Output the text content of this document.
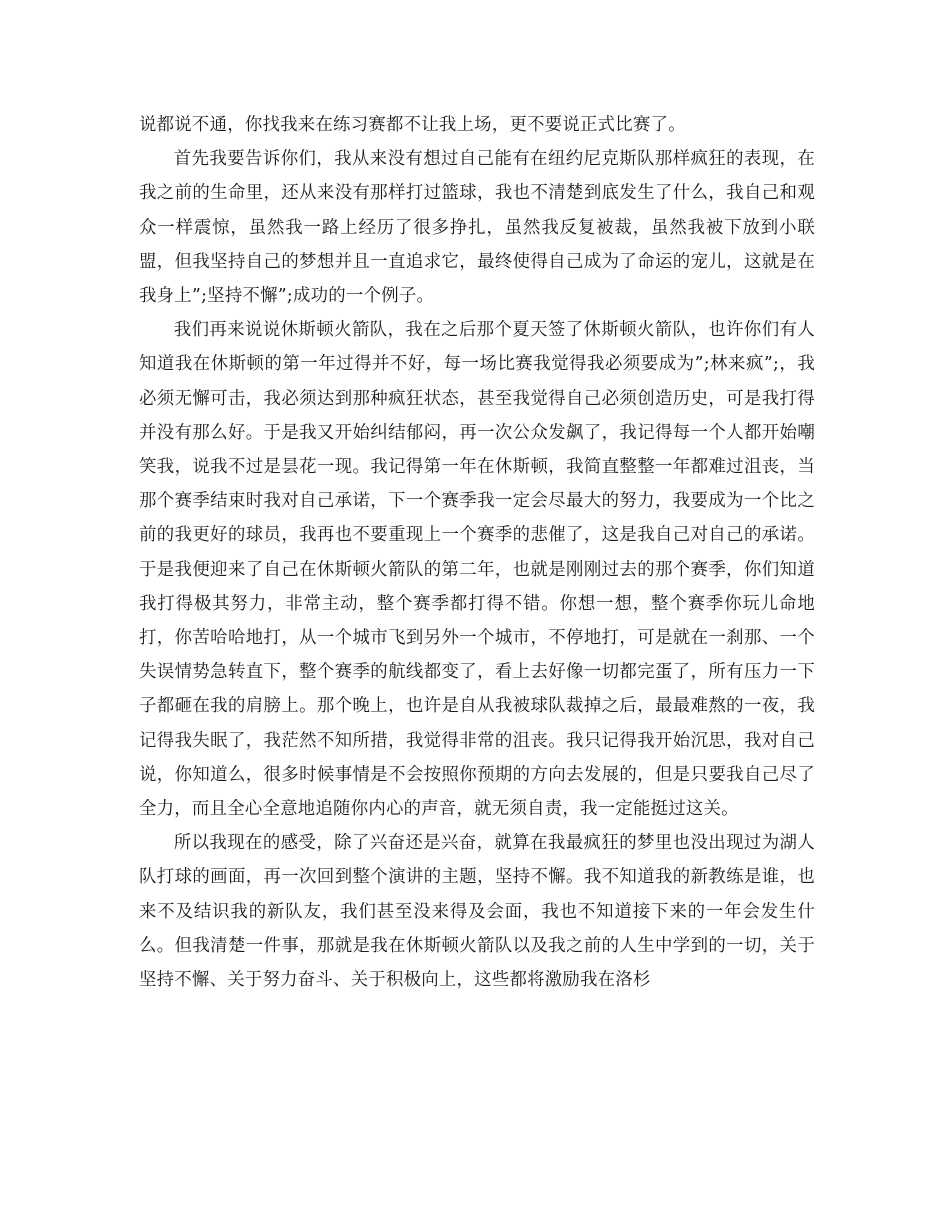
说都说不通，你找我来在练习赛都不让我上场，更不要说正式比赛了。

首先我要告诉你们，我从来没有想过自己能有在纽约尼克斯队那样疯狂的表现，在我之前的生命里，还从来没有那样打过篮球，我也不清楚到底发生了什么，我自己和观众一样震惊，虽然我一路上经历了很多挣扎，虽然我反复被裁，虽然我被下放到小联盟，但我坚持自己的梦想并且一直追求它，最终使得自己成为了命运的宠儿，这就是在我身上”;坚持不懈”;成功的一个例子。

我们再来说说休斯顿火箭队，我在之后那个夏天签了休斯顿火箭队，也许你们有人知道我在休斯顿的第一年过得并不好，每一场比赛我觉得我必须要成为”;林来疯”;，我必须无懈可击，我必须达到那种疯狂状态，甚至我觉得自己必须创造历史，可是我打得并没有那么好。于是我又开始纠结郁闷，再一次公众发飙了，我记得每一个人都开始嘲笑我，说我不过是昙花一现。我记得第一年在休斯顿，我简直整整一年都难过沮丧，当那个赛季结束时我对自己承诺，下一个赛季我一定会尽最大的努力，我要成为一个比之前的我更好的球员，我再也不要重现上一个赛季的悲催了，这是我自己对自己的承诺。于是我便迎来了自己在休斯顿火箭队的第二年，也就是刚刚过去的那个赛季，你们知道我打得极其努力，非常主动，整个赛季都打得不错。你想一想，整个赛季你玩儿命地打，你苦哈哈地打，从一个城市飞到另外一个城市，不停地打，可是就在一刹那、一个失误情势急转直下，整个赛季的航线都变了，看上去好像一切都完蛋了，所有压力一下子都砸在我的肩膀上。那个晚上，也许是自从我被球队裁掉之后，最最难熬的一夜，我记得我失眠了，我茫然不知所措，我觉得非常的沮丧。我只记得我开始沉思，我对自己说，你知道么，很多时候事情是不会按照你预期的方向去发展的，但是只要我自己尽了全力，而且全心全意地追随你内心的声音，就无须自责，我一定能挺过这关。

所以我现在的感受，除了兴奋还是兴奋，就算在我最疯狂的梦里也没出现过为湖人队打球的画面，再一次回到整个演讲的主题，坚持不懈。我不知道我的新教练是谁，也来不及结识我的新队友，我们甚至没来得及会面，我也不知道接下来的一年会发生什么。但我清楚一件事，那就是我在休斯顿火箭队以及我之前的人生中学到的一切，关于坚持不懈、关于努力奋斗、关于积极向上，这些都将激励我在洛杉
